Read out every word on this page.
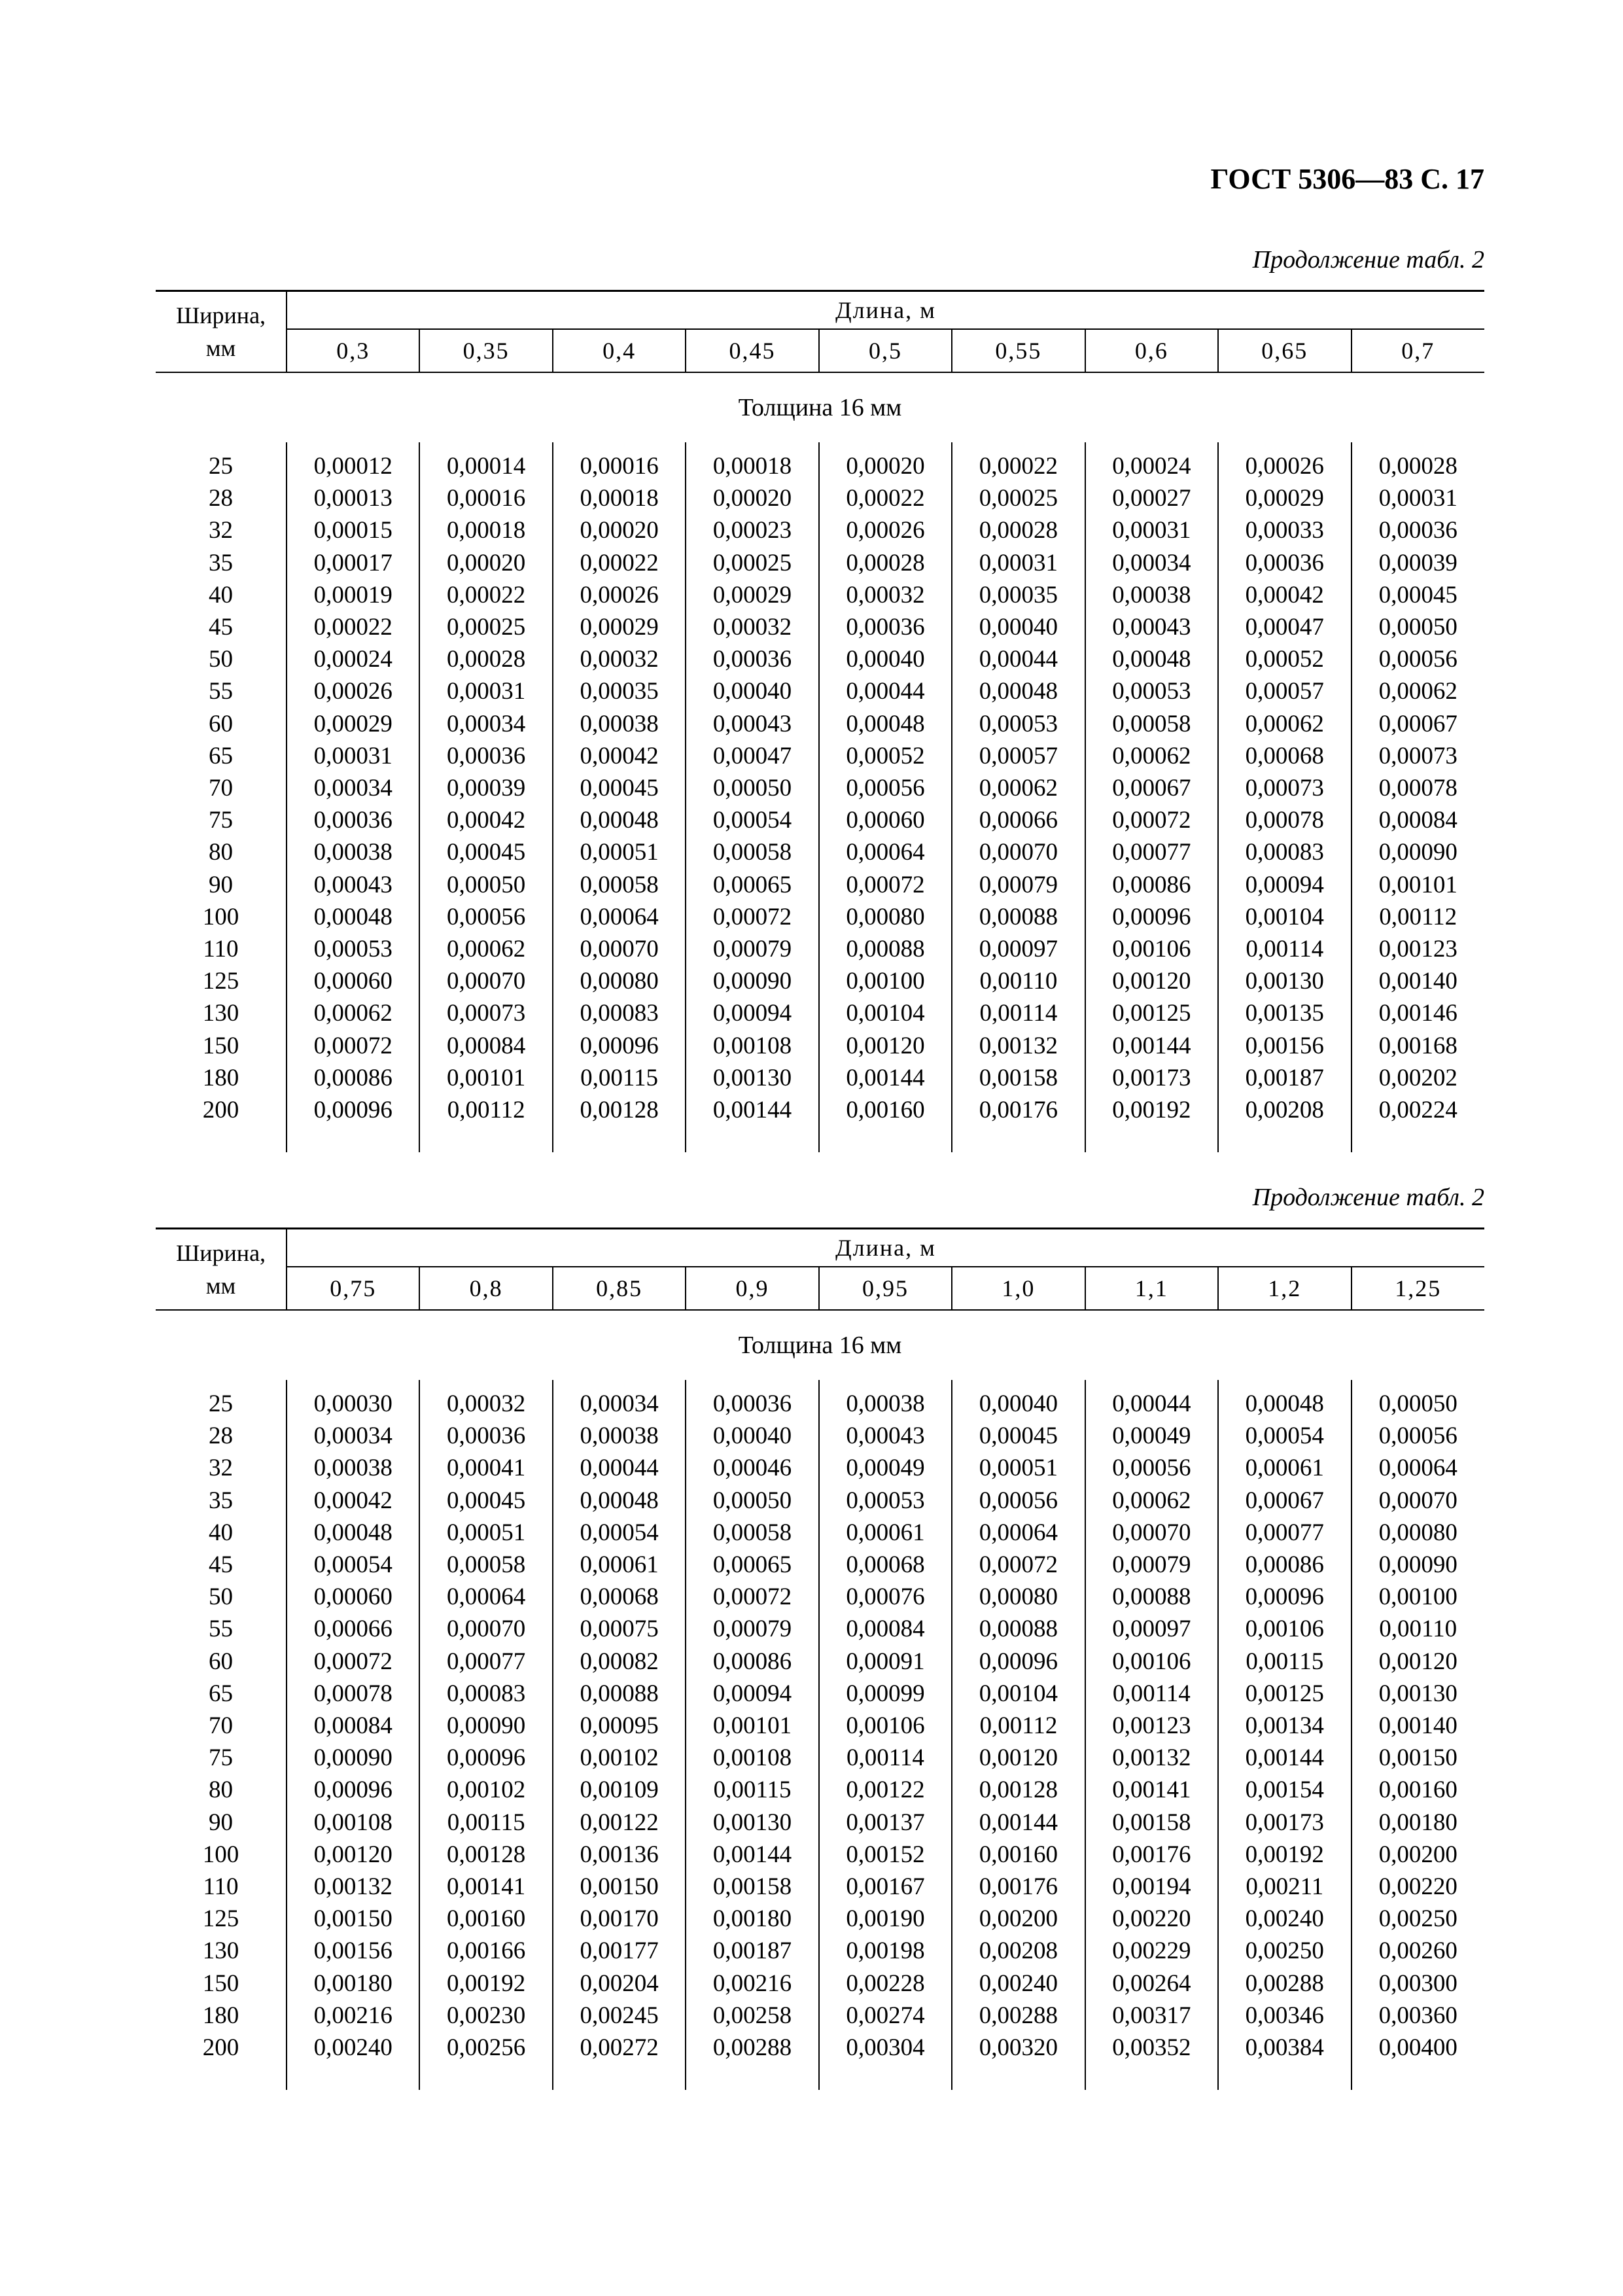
ГОСТ 5306—83 С. 17
Продолжение табл. 2
Ширина,
мм	Длина, м								
	0,3	0,35	0,4	0,45	0,5	0,55	0,6	0,65	0,7
Толщина 16 мм									

25	0,00012	0,00014	0,00016	0,00018	0,00020	0,00022	0,00024	0,00026	0,00028
28	0,00013	0,00016	0,00018	0,00020	0,00022	0,00025	0,00027	0,00029	0,00031
32	0,00015	0,00018	0,00020	0,00023	0,00026	0,00028	0,00031	0,00033	0,00036
35	0,00017	0,00020	0,00022	0,00025	0,00028	0,00031	0,00034	0,00036	0,00039
40	0,00019	0,00022	0,00026	0,00029	0,00032	0,00035	0,00038	0,00042	0,00045
45	0,00022	0,00025	0,00029	0,00032	0,00036	0,00040	0,00043	0,00047	0,00050
50	0,00024	0,00028	0,00032	0,00036	0,00040	0,00044	0,00048	0,00052	0,00056
55	0,00026	0,00031	0,00035	0,00040	0,00044	0,00048	0,00053	0,00057	0,00062
60	0,00029	0,00034	0,00038	0,00043	0,00048	0,00053	0,00058	0,00062	0,00067
65	0,00031	0,00036	0,00042	0,00047	0,00052	0,00057	0,00062	0,00068	0,00073
70	0,00034	0,00039	0,00045	0,00050	0,00056	0,00062	0,00067	0,00073	0,00078
75	0,00036	0,00042	0,00048	0,00054	0,00060	0,00066	0,00072	0,00078	0,00084
80	0,00038	0,00045	0,00051	0,00058	0,00064	0,00070	0,00077	0,00083	0,00090
90	0,00043	0,00050	0,00058	0,00065	0,00072	0,00079	0,00086	0,00094	0,00101
100	0,00048	0,00056	0,00064	0,00072	0,00080	0,00088	0,00096	0,00104	0,00112
110	0,00053	0,00062	0,00070	0,00079	0,00088	0,00097	0,00106	0,00114	0,00123
125	0,00060	0,00070	0,00080	0,00090	0,00100	0,00110	0,00120	0,00130	0,00140
130	0,00062	0,00073	0,00083	0,00094	0,00104	0,00114	0,00125	0,00135	0,00146
150	0,00072	0,00084	0,00096	0,00108	0,00120	0,00132	0,00144	0,00156	0,00168
180	0,00086	0,00101	0,00115	0,00130	0,00144	0,00158	0,00173	0,00187	0,00202
200	0,00096	0,00112	0,00128	0,00144	0,00160	0,00176	0,00192	0,00208	0,00224

Продолжение табл. 2
Ширина,
мм	Длина, м								
	0,75	0,8	0,85	0,9	0,95	1,0	1,1	1,2	1,25
Толщина 16 мм									

25	0,00030	0,00032	0,00034	0,00036	0,00038	0,00040	0,00044	0,00048	0,00050
28	0,00034	0,00036	0,00038	0,00040	0,00043	0,00045	0,00049	0,00054	0,00056
32	0,00038	0,00041	0,00044	0,00046	0,00049	0,00051	0,00056	0,00061	0,00064
35	0,00042	0,00045	0,00048	0,00050	0,00053	0,00056	0,00062	0,00067	0,00070
40	0,00048	0,00051	0,00054	0,00058	0,00061	0,00064	0,00070	0,00077	0,00080
45	0,00054	0,00058	0,00061	0,00065	0,00068	0,00072	0,00079	0,00086	0,00090
50	0,00060	0,00064	0,00068	0,00072	0,00076	0,00080	0,00088	0,00096	0,00100
55	0,00066	0,00070	0,00075	0,00079	0,00084	0,00088	0,00097	0,00106	0,00110
60	0,00072	0,00077	0,00082	0,00086	0,00091	0,00096	0,00106	0,00115	0,00120
65	0,00078	0,00083	0,00088	0,00094	0,00099	0,00104	0,00114	0,00125	0,00130
70	0,00084	0,00090	0,00095	0,00101	0,00106	0,00112	0,00123	0,00134	0,00140
75	0,00090	0,00096	0,00102	0,00108	0,00114	0,00120	0,00132	0,00144	0,00150
80	0,00096	0,00102	0,00109	0,00115	0,00122	0,00128	0,00141	0,00154	0,00160
90	0,00108	0,00115	0,00122	0,00130	0,00137	0,00144	0,00158	0,00173	0,00180
100	0,00120	0,00128	0,00136	0,00144	0,00152	0,00160	0,00176	0,00192	0,00200
110	0,00132	0,00141	0,00150	0,00158	0,00167	0,00176	0,00194	0,00211	0,00220
125	0,00150	0,00160	0,00170	0,00180	0,00190	0,00200	0,00220	0,00240	0,00250
130	0,00156	0,00166	0,00177	0,00187	0,00198	0,00208	0,00229	0,00250	0,00260
150	0,00180	0,00192	0,00204	0,00216	0,00228	0,00240	0,00264	0,00288	0,00300
180	0,00216	0,00230	0,00245	0,00258	0,00274	0,00288	0,00317	0,00346	0,00360
200	0,00240	0,00256	0,00272	0,00288	0,00304	0,00320	0,00352	0,00384	0,00400
